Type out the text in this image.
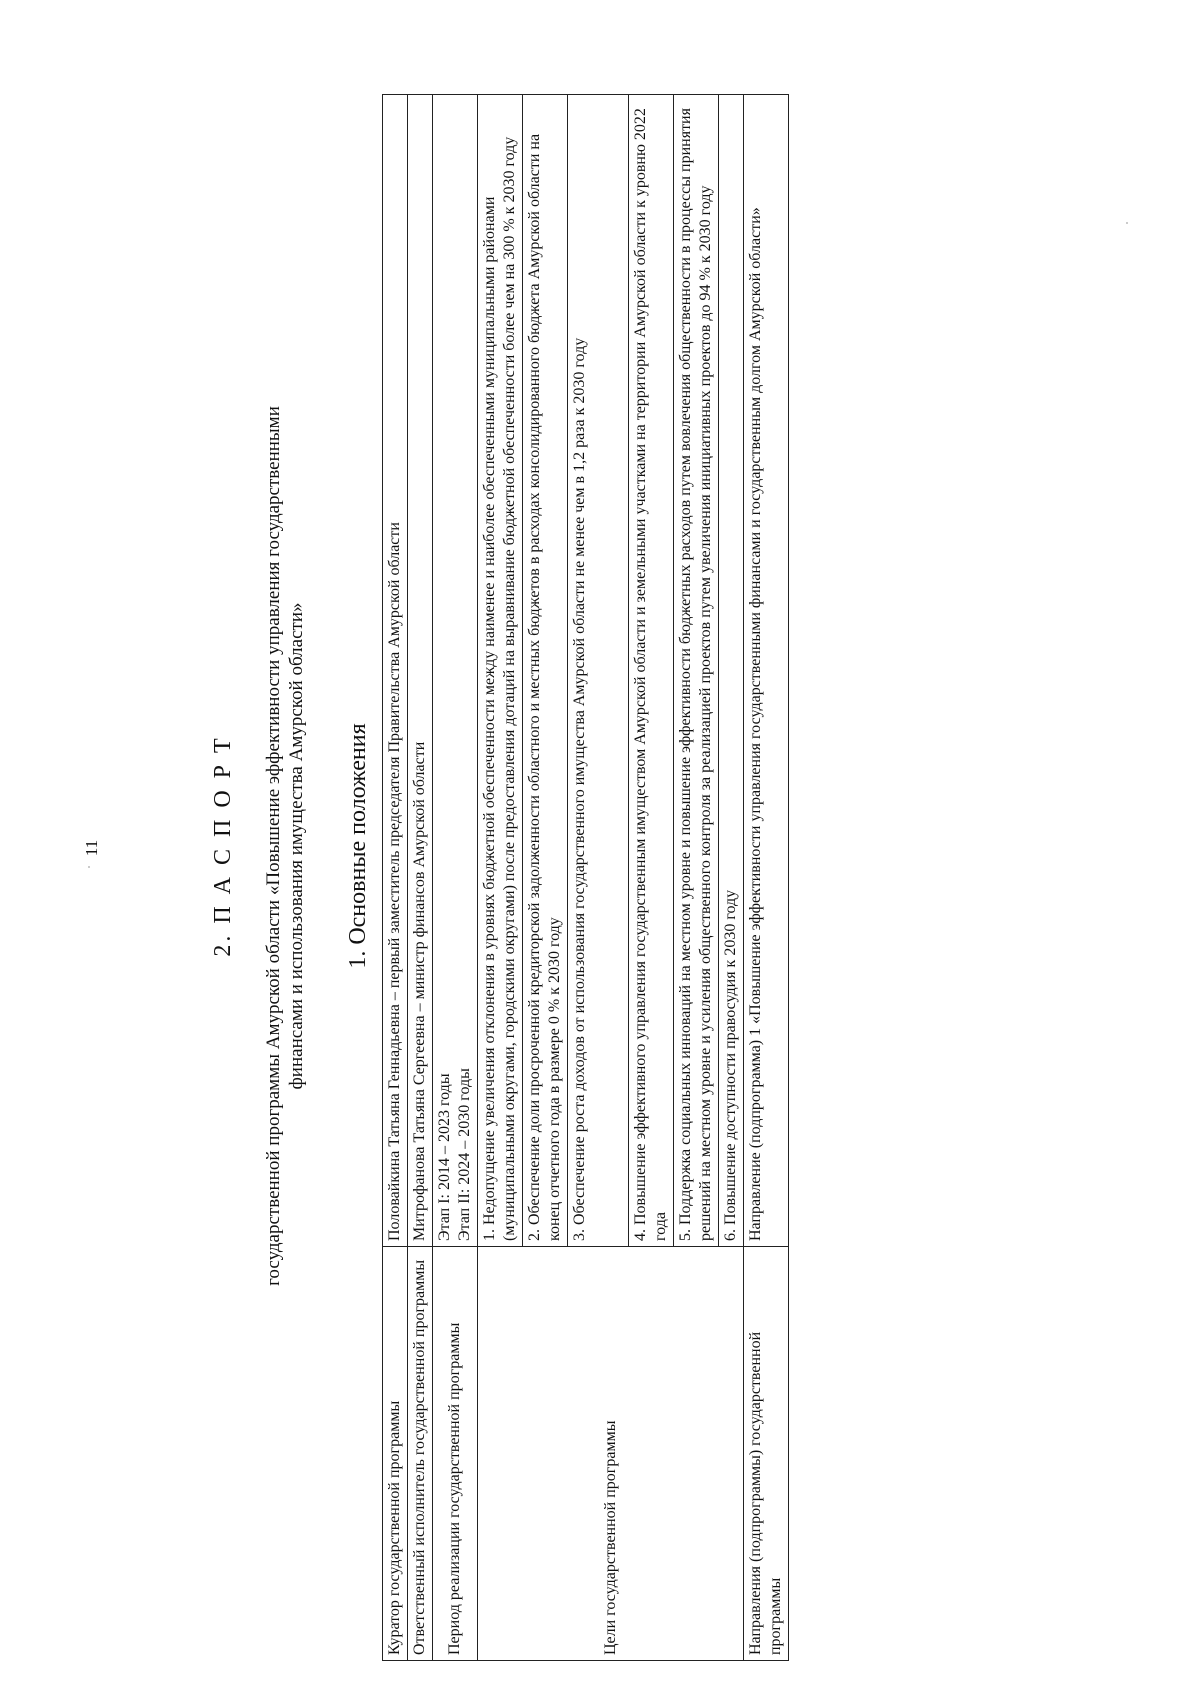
11	2. П А С П О Р Т государственной программы Амурской области «Повышение эффективности управления государственными финансами и использования имущества Амурской области» 1. Основные положения
Куратор государственной программы	Половайкина Татьяна Геннадьевна – первый заместитель председателя Правительства Амурской области
Ответственный исполнитель государственной программы	Митрофанова Татьяна Сергеевна – министр финансов Амурской области
Период реализации государственной программы	Этап I: 2014 – 2023 годы Этап II: 2024 – 2030 годы

Цели государственной программы	1. Недопущение увеличения отклонения в уровнях бюджетной обеспеченности между наименее и наиболее обеспеченными муниципальными районами (муниципальными округами, городскими округами) после предоставления дотаций на выравнивание бюджетной обеспеченности более чем на 300 % к 2030 году
	2. Обеспечение доли просроченной кредиторской задолженности областного и местных бюджетов в расходах консолидированного бюджета Амурской области на конец отчетного года в размере 0 % к 2030 году
	3. Обеспечение роста доходов от использования государственного имущества Амурской области не менее чем в 1,2 раза к 2030 году
	4. Повышение эффективного управления государственным имуществом Амурской области и земельными участками на территории Амурской области к уровню 2022 года
	5. Поддержка социальных инноваций на местном уровне и повышение эффективности бюджетных расходов путем вовлечения общественности в процессы принятия решений на местном уровне и усиления общественного контроля за реализацией проектов путем увеличения инициативных проектов до 94 % к 2030 году
	6. Повышение доступности правосудия к 2030 году
Направления (подпрограммы) государственной программы	Направление (подпрограмма) 1 «Повышение эффективности управления государственными финансами и государственным долгом Амурской области»
